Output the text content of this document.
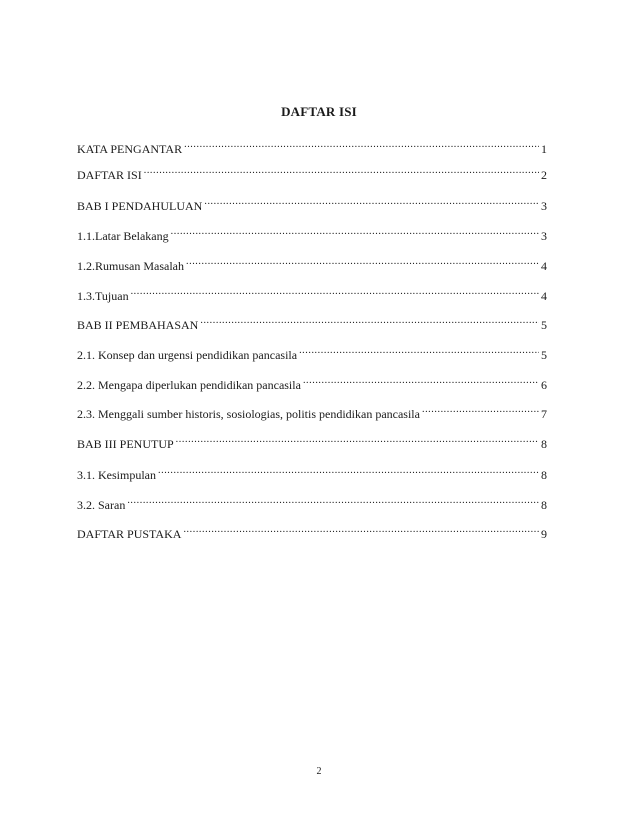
DAFTAR ISI
KATA PENGANTAR .....	1
DAFTAR ISI .....	2
BAB I PENDAHULUAN .....	3
1.1.Latar Belakang .....	3
1.2.Rumusan Masalah .....	4
1.3.Tujuan .....	4
BAB II PEMBAHASAN .....	5
2.1. Konsep dan urgensi pendidikan pancasila .....	5
2.2. Mengapa diperlukan pendidikan pancasila .....	6
2.3. Menggali sumber historis, sosiologias, politis pendidikan pancasila .....	7
BAB III PENUTUP .....	8
3.1. Kesimpulan .....	8
3.2. Saran .....	8
DAFTAR PUSTAKA .....	9
2
